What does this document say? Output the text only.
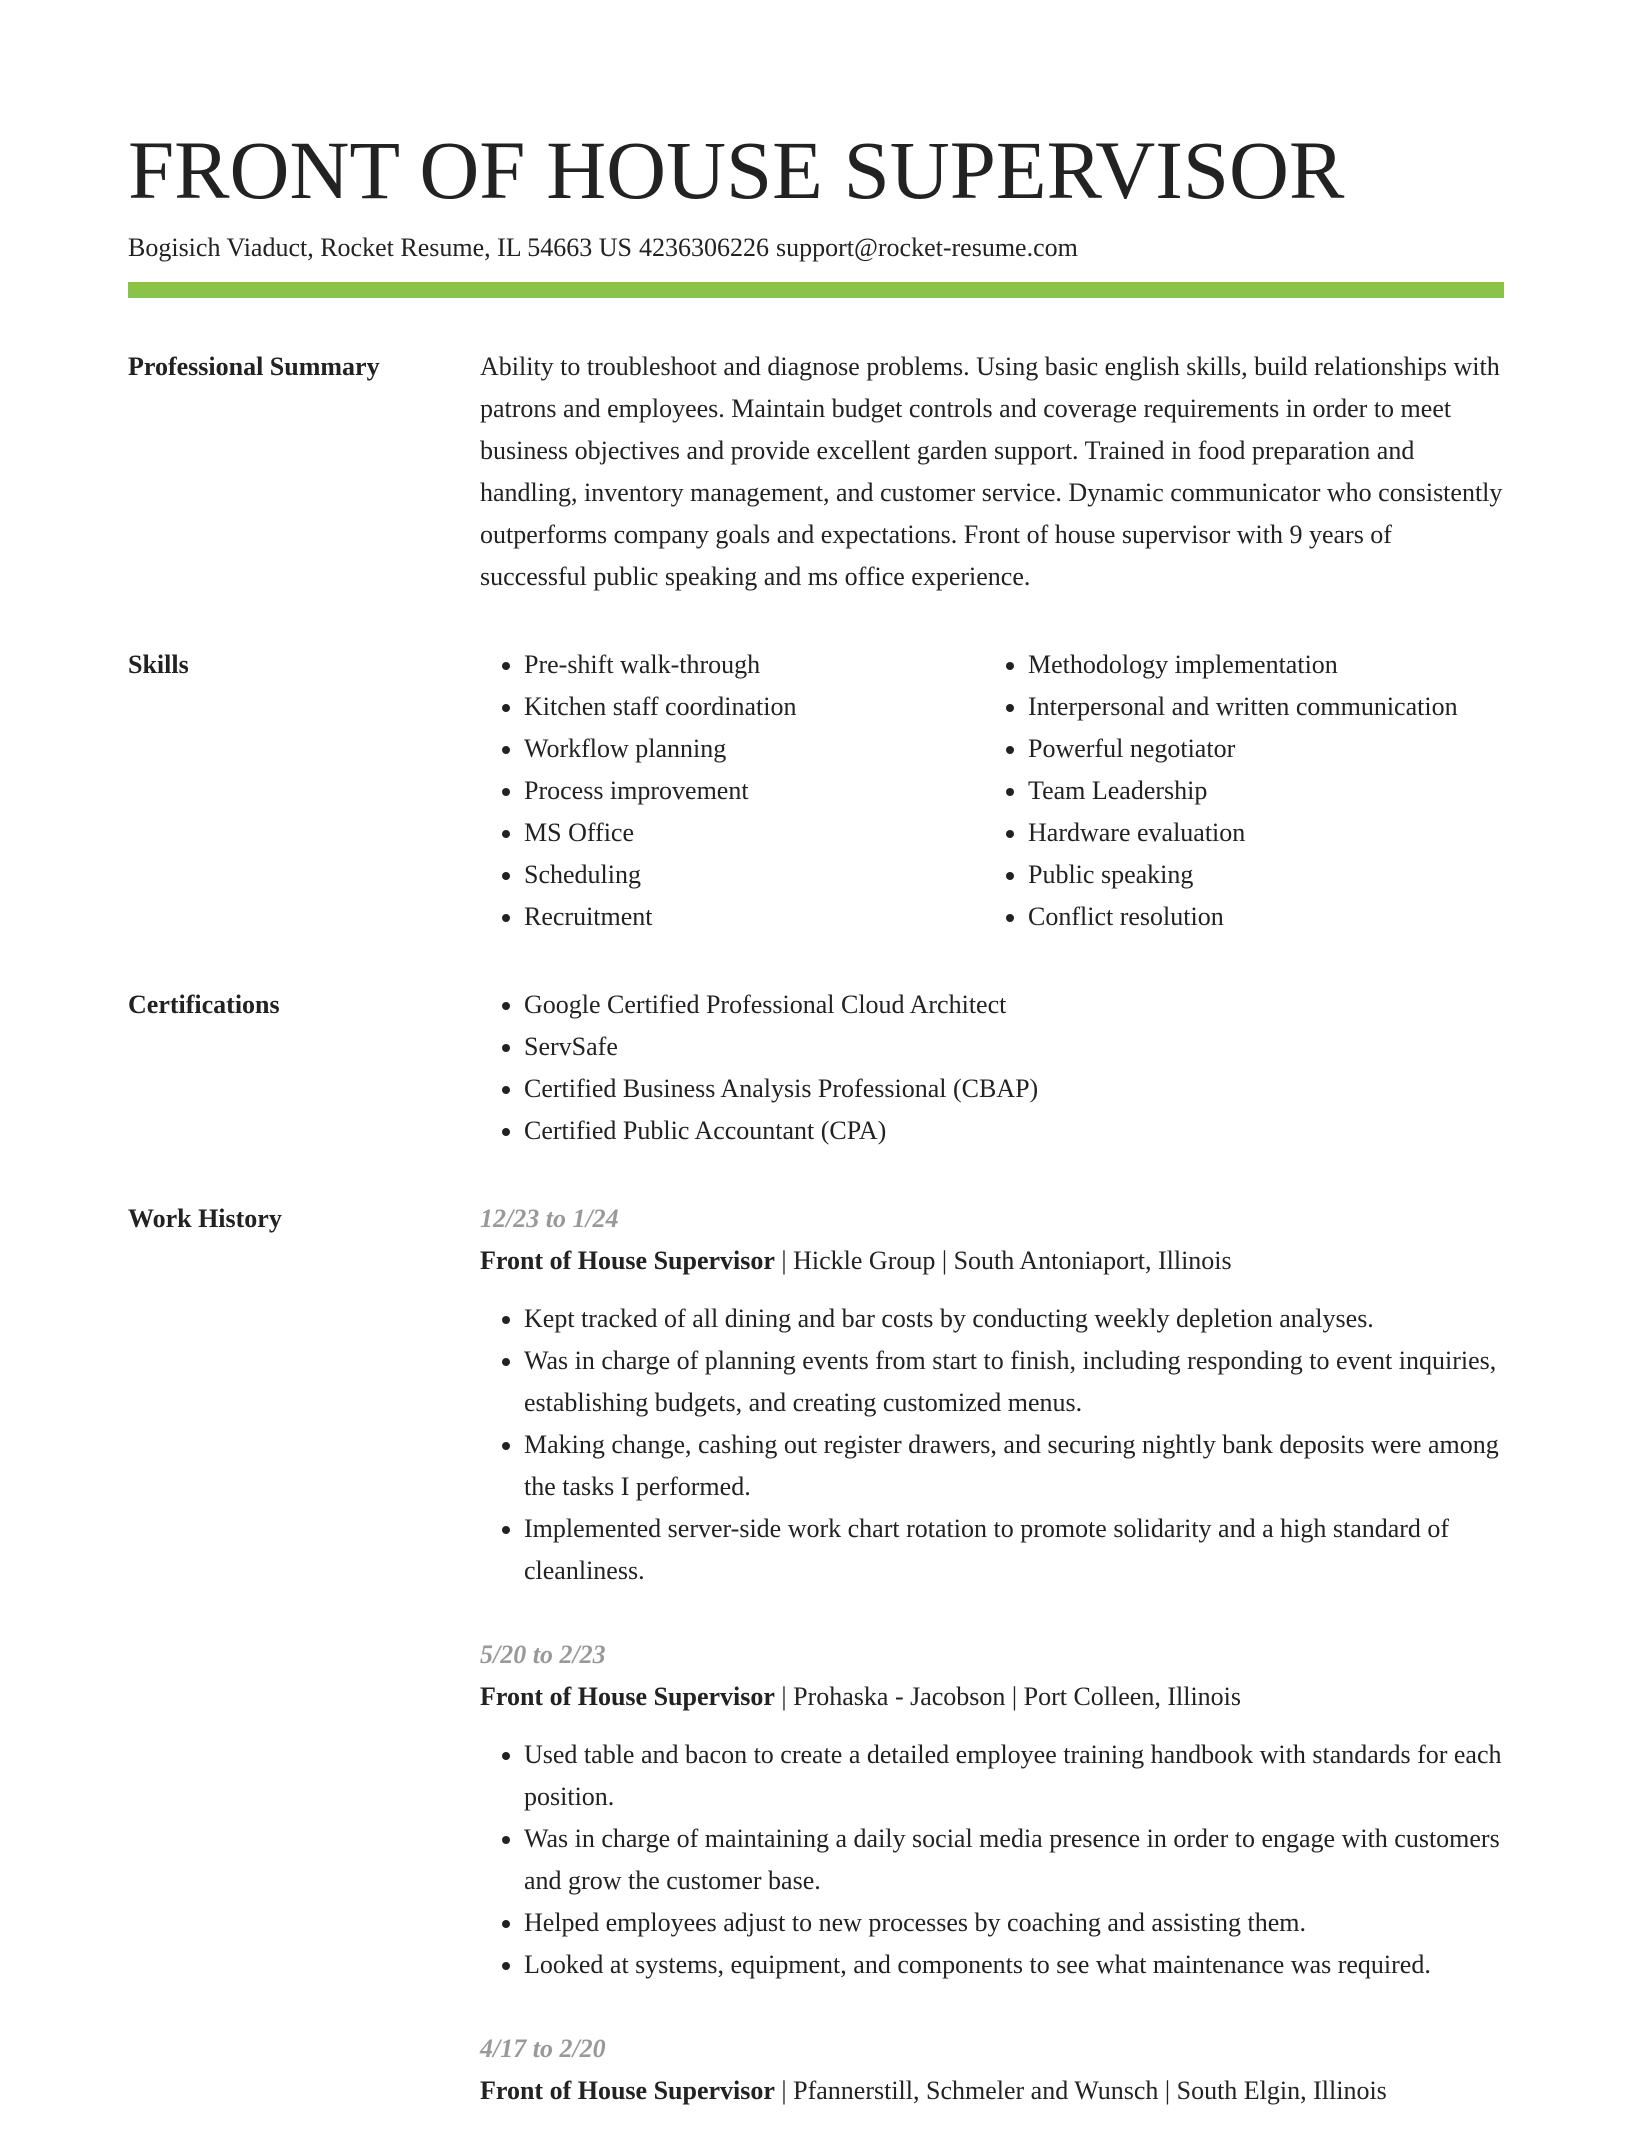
FRONT OF HOUSE SUPERVISOR
Bogisich Viaduct, Rocket Resume, IL 54663 US 4236306226 support@rocket-resume.com
Professional Summary	Ability to troubleshoot and diagnose problems. Using basic english skills, build relationships with patrons and employees. Maintain budget controls and coverage requirements in order to meet business objectives and provide excellent garden support. Trained in food preparation and handling, inventory management, and customer service. Dynamic communicator who consistently outperforms company goals and expectations. Front of house supervisor with 9 years of successful public speaking and ms office experience.

Skills	• Pre-shift walk-through
• Kitchen staff coordination
• Workflow planning
• Process improvement
• MS Office
• Scheduling
• Recruitment
• Methodology implementation
• Interpersonal and written communication
• Powerful negotiator
• Team Leadership
• Hardware evaluation
• Public speaking
• Conflict resolution
Certifications	• Google Certified Professional Cloud Architect
• ServSafe
• Certified Business Analysis Professional (CBAP)
• Certified Public Accountant (CPA)
Work History	12/23 to 1/24
Front of House Supervisor | Hickle Group | South Antoniaport, Illinois
• Kept tracked of all dining and bar costs by conducting weekly depletion analyses.
• Was in charge of planning events from start to finish, including responding to event inquiries, establishing budgets, and creating customized menus.
• Making change, cashing out register drawers, and securing nightly bank deposits were among the tasks I performed.
• Implemented server-side work chart rotation to promote solidarity and a high standard of cleanliness.
5/20 to 2/23
Front of House Supervisor | Prohaska - Jacobson | Port Colleen, Illinois
• Used table and bacon to create a detailed employee training handbook with standards for each position.
• Was in charge of maintaining a daily social media presence in order to engage with customers and grow the customer base.
• Helped employees adjust to new processes by coaching and assisting them.
• Looked at systems, equipment, and components to see what maintenance was required.
4/17 to 2/20
Front of House Supervisor | Pfannerstill, Schmeler and Wunsch | South Elgin, Illinois
